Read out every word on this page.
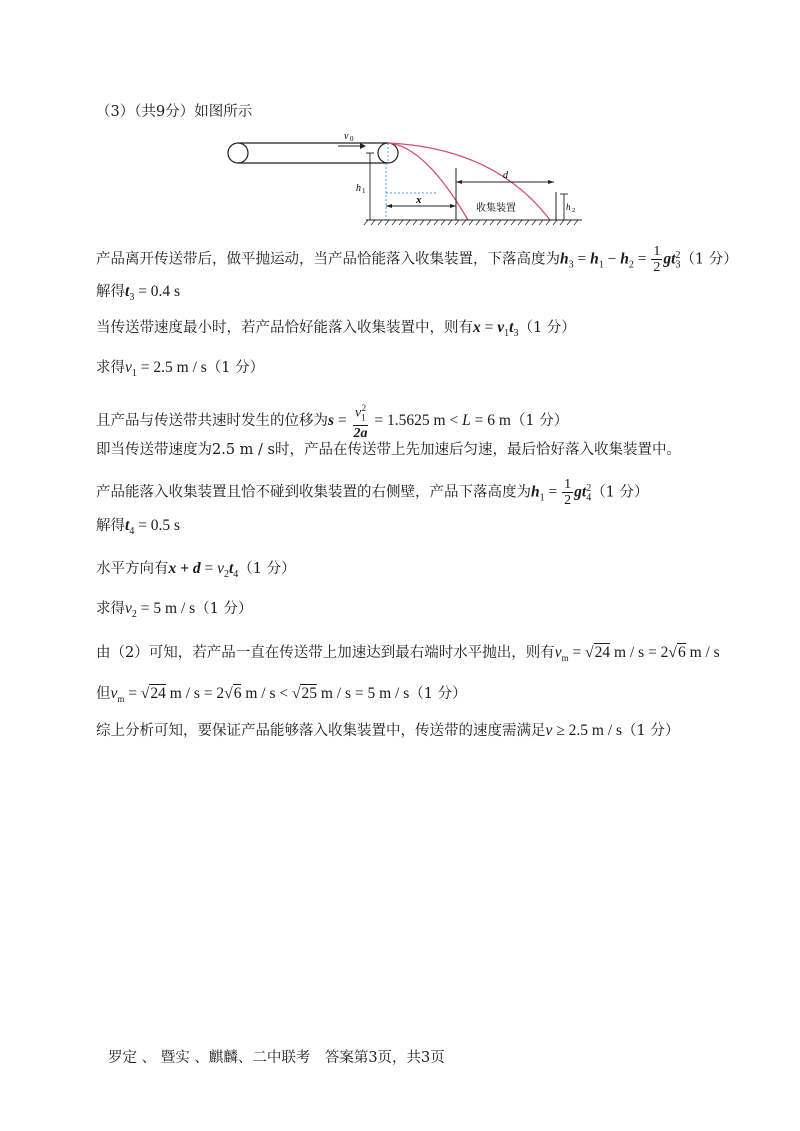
（3）（共9分）如图所示
v 0
h 1
x
d
收集装置	h 2
产品离开传送带后，做平抛运动，当产品恰能落入收集装置，下落高度为$h_3 = h_1 - h_2 = \frac{1}{2} gt_3^2(1$ 分）
解得$t_3 = 0.4$ s
当传送带速度最小时，若产品恰好能落入收集装置中，则有$x = v_1t_3(1$ 分）
求得$v_1 = 2.5$ m / s（1 分）
且产品与传送带共速时发生的位移为$s = \frac{v_1^2}{2a} = 1.5625$ m < L = 6 m（1 分）
即当传送带速度为2.5 m / s时，产品在传送带上先加速后匀速，最后恰好落入收集装置中。
产品能落入收集装置且恰不碰到收集装置的右侧壁，产品下落高度为$h_1 = \frac{1}{2} gt_4^2(1$ 分）
解得$t_4 = 0.5$ s
水平方向有$x + d = v_2t_4(1$ 分）
求得$v_2 = 5$ m / s（1 分）
由（2）可知，若产品一直在传送带上加速达到最右端时水平抛出，则有$v_m = √24$ m / s = 2√6 m / s
但$v_m = √24$ m / s = 2√6 m / s < √25 m / s = 5 m / s（1 分）
综上分析可知，要保证产品能够落入收集装置中，传送带的速度需满足v ≥ 2.5 m / s（1 分）
罗定 、 暨实 、麒麟、二中联考　答案第3页，共3页
